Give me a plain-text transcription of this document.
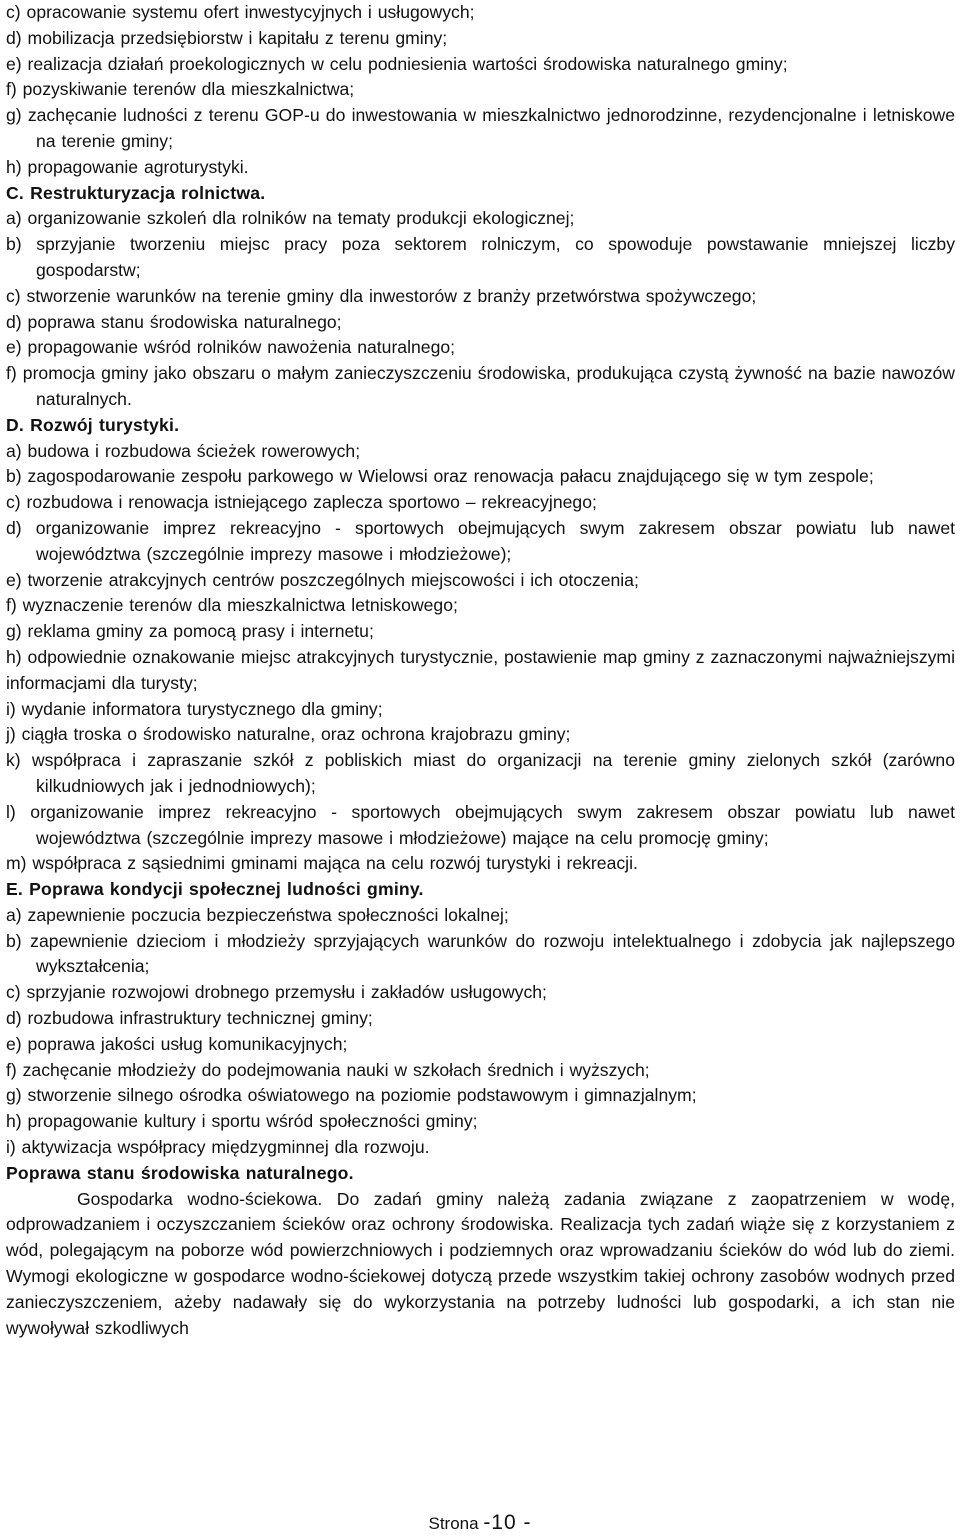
c) opracowanie systemu ofert inwestycyjnych i usługowych;

d) mobilizacja przedsiębiorstw i kapitału z terenu gminy;

e) realizacja działań proekologicznych w celu podniesienia wartości środowiska naturalnego gminy;

f) pozyskiwanie terenów dla mieszkalnictwa;

g) zachęcanie ludności z terenu GOP-u do inwestowania w mieszkalnictwo jednorodzinne, rezydencjonalne i letniskowe na terenie gminy;

h) propagowanie agroturystyki.

C. Restrukturyzacja rolnictwa.

a) organizowanie szkoleń dla rolników na tematy produkcji ekologicznej;

b) sprzyjanie tworzeniu miejsc pracy poza sektorem rolniczym, co spowoduje powstawanie mniejszej liczby gospodarstw;

c) stworzenie warunków na terenie gminy dla inwestorów z branży przetwórstwa spożywczego;

d) poprawa stanu środowiska naturalnego;

e) propagowanie wśród rolników nawożenia naturalnego;

f) promocja gminy jako obszaru o małym zanieczyszczeniu środowiska, produkująca czystą żywność na bazie nawozów naturalnych.

D. Rozwój turystyki.

a) budowa i rozbudowa ścieżek rowerowych;

b) zagospodarowanie zespołu parkowego w Wielowsi oraz renowacja pałacu znajdującego się w tym zespole;

c) rozbudowa i renowacja istniejącego zaplecza sportowo – rekreacyjnego;

d) organizowanie imprez rekreacyjno - sportowych obejmujących swym zakresem obszar powiatu lub nawet województwa (szczególnie imprezy masowe i młodzieżowe);

e) tworzenie atrakcyjnych centrów poszczególnych miejscowości i ich otoczenia;

f) wyznaczenie terenów dla mieszkalnictwa letniskowego;

g) reklama gminy za pomocą prasy i internetu;

h) odpowiednie oznakowanie miejsc atrakcyjnych turystycznie, postawienie map gminy z zaznaczonymi najważniejszymi informacjami dla turysty;

i) wydanie informatora turystycznego dla gminy;

j) ciągła troska o środowisko naturalne, oraz ochrona krajobrazu gminy;

k) współpraca i zapraszanie szkół z pobliskich miast do organizacji na terenie gminy zielonych szkół (zarówno kilkudniowych jak i jednodniowych);

l) organizowanie imprez rekreacyjno - sportowych obejmujących swym zakresem obszar powiatu lub nawet województwa (szczególnie imprezy masowe i młodzieżowe) mające na celu promocję gminy;

m) współpraca z sąsiednimi gminami mająca na celu rozwój turystyki i rekreacji.

E. Poprawa kondycji społecznej ludności gminy.

a) zapewnienie poczucia bezpieczeństwa społeczności lokalnej;

b) zapewnienie dzieciom i młodzieży sprzyjających warunków do rozwoju intelektualnego i zdobycia jak najlepszego wykształcenia;

c) sprzyjanie rozwojowi drobnego przemysłu i zakładów usługowych;

d) rozbudowa infrastruktury technicznej gminy;

e) poprawa jakości usług komunikacyjnych;

f) zachęcanie młodzieży do podejmowania nauki w szkołach średnich i wyższych;

g) stworzenie silnego ośrodka oświatowego na poziomie podstawowym i gimnazjalnym;

h) propagowanie kultury i sportu wśród społeczności gminy;

i) aktywizacja współpracy międzygminnej dla rozwoju.

Poprawa stanu środowiska naturalnego.

Gospodarka wodno-ściekowa. Do zadań gminy należą zadania związane z zaopatrzeniem w wodę, odprowadzaniem i oczyszczaniem ścieków oraz ochrony środowiska. Realizacja tych zadań wiąże się z korzystaniem z wód, polegającym na poborze wód powierzchniowych i podziemnych oraz wprowadzaniu ścieków do wód lub do ziemi. Wymogi ekologiczne w gospodarce wodno-ściekowej dotyczą przede wszystkim takiej ochrony zasobów wodnych przed zanieczyszczeniem, ażeby nadawały się do wykorzystania na potrzeby ludności lub gospodarki, a ich stan nie wywoływał szkodliwych

Strona -10 -
